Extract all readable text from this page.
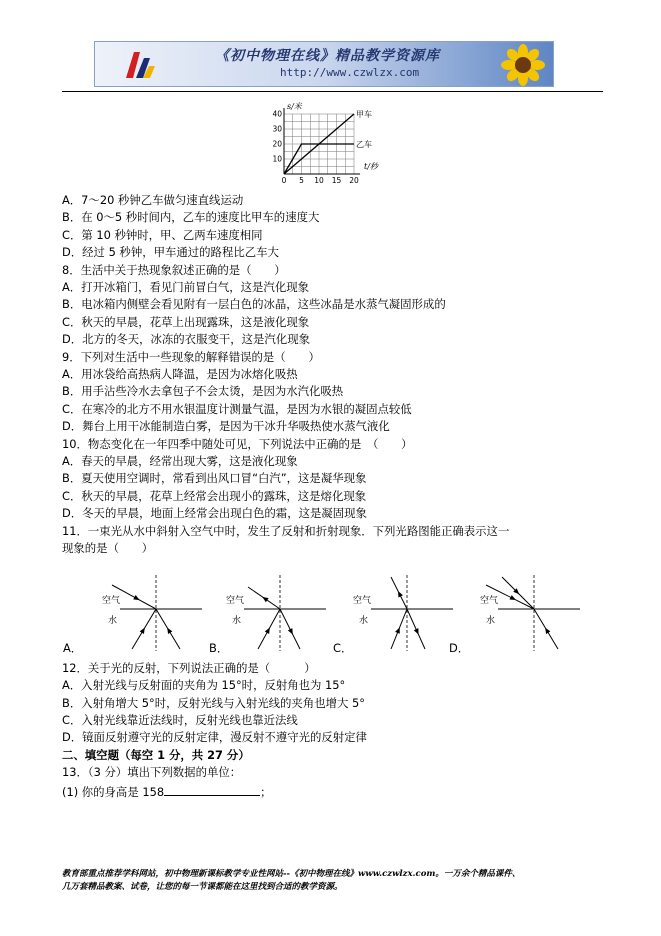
《初中物理在线》精品教学资源库
http://www.czwlzx.com
甲车
乙车
0 5 10 15 20
10
20
30
40
s/米
t/秒
A．7～20 秒钟乙车做匀速直线运动
B．在 0～5 秒时间内，乙车的速度比甲车的速度大
C．第 10 秒钟时，甲、乙两车速度相同
D．经过 5 秒钟，甲车通过的路程比乙车大
8．生活中关于热现象叙述正确的是（　　）
A．打开冰箱门，看见门前冒白气，这是汽化现象
B．电冰箱内侧壁会看见附有一层白色的冰晶，这些冰晶是水蒸气凝固形成的
C．秋天的早晨，花草上出现露珠，这是液化现象
D．北方的冬天，冰冻的衣服变干，这是汽化现象
9．下列对生活中一些现象的解释错误的是（　　）
A．用冰袋给高热病人降温，是因为冰熔化吸热
B．用手沾些冷水去拿包子不会太烫，是因为水汽化吸热
C．在寒冷的北方不用水银温度计测量气温，是因为水银的凝固点较低
D．舞台上用干冰能制造白雾，是因为干冰升华吸热使水蒸气液化
10．物态变化在一年四季中随处可见，下列说法中正确的是　（　　）
A．春天的早晨，经常出现大雾，这是液化现象
B．夏天使用空调时，常看到出风口冒“白汽”，这是凝华现象
C．秋天的早晨，花草上经常会出现小的露珠，这是熔化现象
D．冬天的早晨，地面上经常会出现白色的霜，这是凝固现象
11．一束光从水中斜射入空气中时，发生了反射和折射现象．下列光路图能正确表示这一
现象的是（　　）
空气
水
A．
空气
水
B．
空气
水
C．
空气
水
D．
12．关于光的反射，下列说法正确的是（　　　）
A．入射光线与反射面的夹角为 15°时，反射角也为 15°
B．入射角增大 5°时，反射光线与入射光线的夹角也增大 5°
C．入射光线靠近法线时，反射光线也靠近法线
D．镜面反射遵守光的反射定律，漫反射不遵守光的反射定律
二、填空题（每空 1 分，共 27 分）
13．（3 分）填出下列数据的单位：
(1) 你的身高是 158	；
教育部重点推荐学科网站，初中物理新课标教学专业性网站--《初中物理在线》www.czwlzx.com。一万余个精品课件、
几万套精品教案、试卷，让您的每一节课都能在这里找到合适的教学资源。
